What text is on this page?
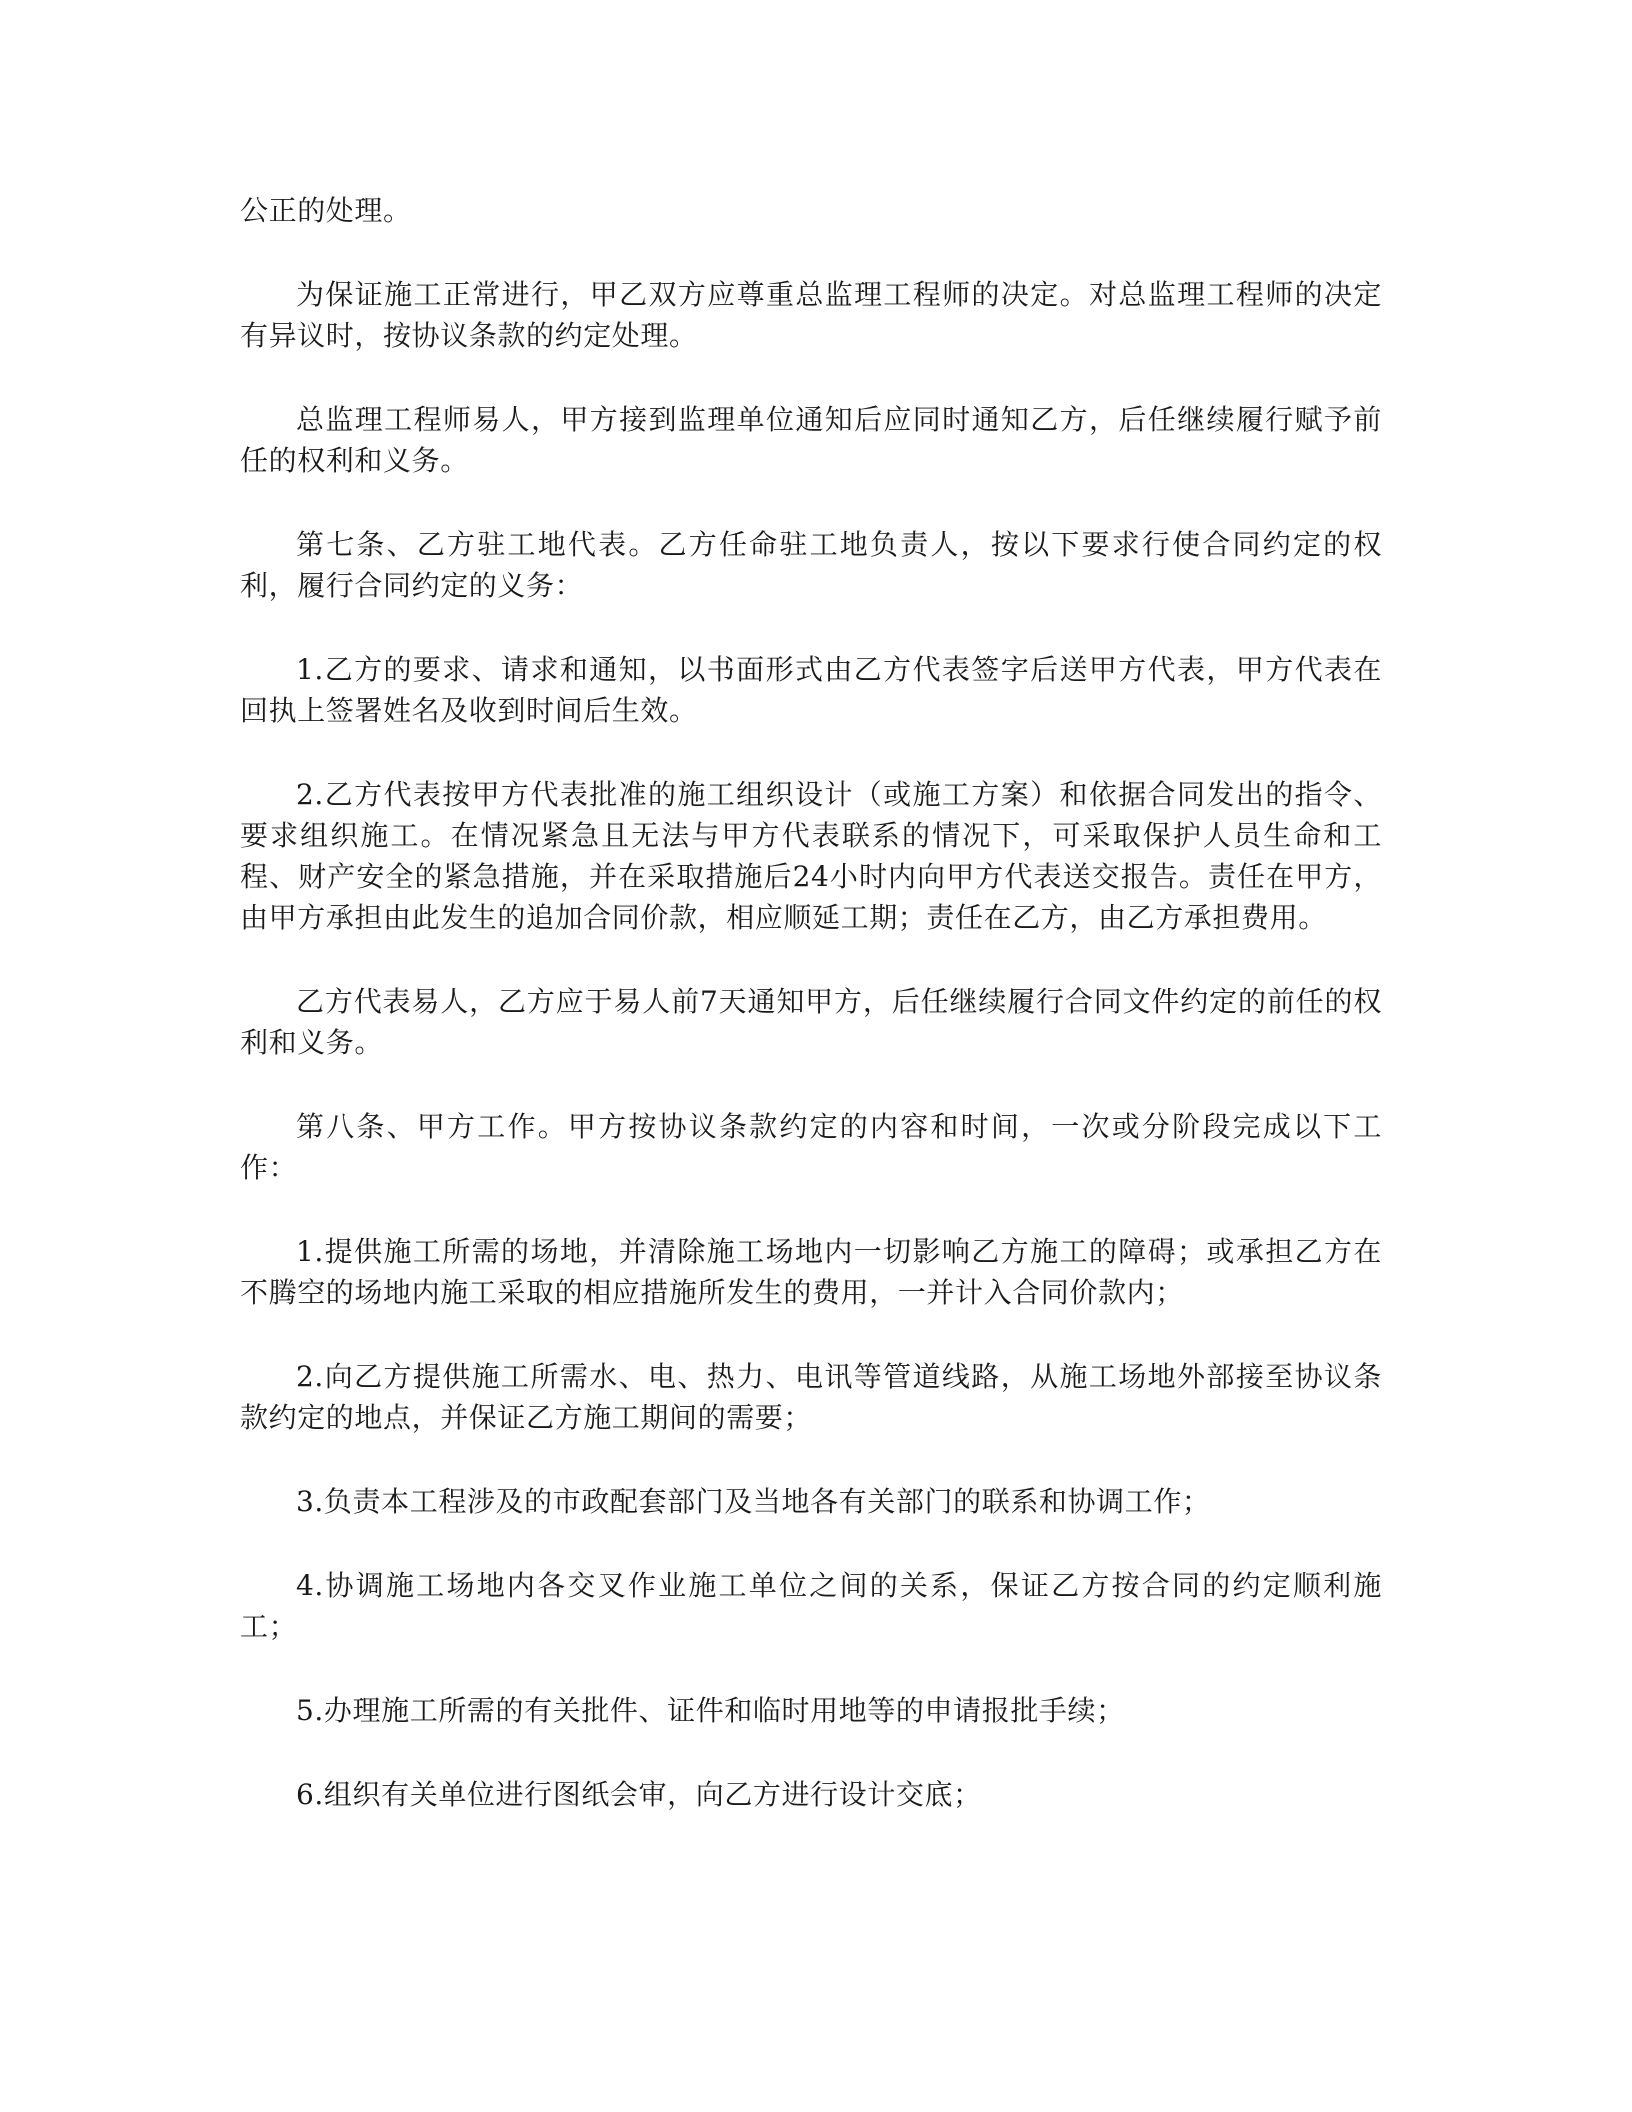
公正的处理。

为保证施工正常进行，甲乙双方应尊重总监理工程师的决定。对总监理工程师的决定有异议时，按协议条款的约定处理。

总监理工程师易人，甲方接到监理单位通知后应同时通知乙方，后任继续履行赋予前任的权利和义务。

第七条、乙方驻工地代表。乙方任命驻工地负责人，按以下要求行使合同约定的权利，履行合同约定的义务：

1.乙方的要求、请求和通知，以书面形式由乙方代表签字后送甲方代表，甲方代表在回执上签署姓名及收到时间后生效。

2.乙方代表按甲方代表批准的施工组织设计（或施工方案）和依据合同发出的指令、要求组织施工。在情况紧急且无法与甲方代表联系的情况下，可采取保护人员生命和工程、财产安全的紧急措施，并在采取措施后24小时内向甲方代表送交报告。责任在甲方，由甲方承担由此发生的追加合同价款，相应顺延工期；责任在乙方，由乙方承担费用。

乙方代表易人，乙方应于易人前7天通知甲方，后任继续履行合同文件约定的前任的权利和义务。

第八条、甲方工作。甲方按协议条款约定的内容和时间，一次或分阶段完成以下工作：

1.提供施工所需的场地，并清除施工场地内一切影响乙方施工的障碍；或承担乙方在不腾空的场地内施工采取的相应措施所发生的费用，一并计入合同价款内；

2.向乙方提供施工所需水、电、热力、电讯等管道线路，从施工场地外部接至协议条款约定的地点，并保证乙方施工期间的需要；

3.负责本工程涉及的市政配套部门及当地各有关部门的联系和协调工作；

4.协调施工场地内各交叉作业施工单位之间的关系，保证乙方按合同的约定顺利施工；

5.办理施工所需的有关批件、证件和临时用地等的申请报批手续；

6.组织有关单位进行图纸会审，向乙方进行设计交底；
